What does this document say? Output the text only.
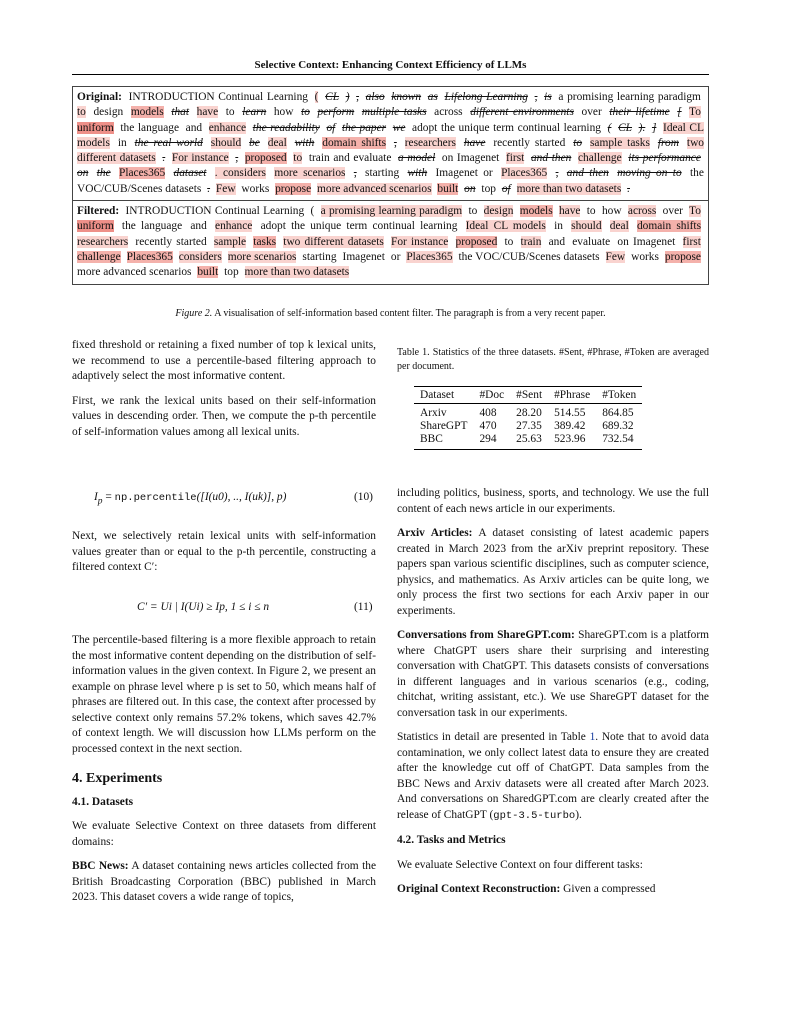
Selective Context: Enhancing Context Efficiency of LLMs
Original: INTRODUCTION Continual Learning ( CL ) , also known as Lifelong Learning , is a promising learning paradigm to design models that have to learn how to perform multiple tasks across different environments over their lifetime [ To uniform the language and enhance the readability of the paper we adopt the unique term continual learning ( CL ). ] Ideal CL models in the real world should be deal with domain shifts , researchers have recently started to sample tasks from two different datasets . For instance , proposed to train and evaluate a model on Imagenet first and then challenge its performance on the Places365 dataset . considers more scenarios , starting with Imagenet or Places365 , and then moving on to the VOC/CUB/Scenes datasets . Few works propose more advanced scenarios built on top of more than two datasets .
Filtered: INTRODUCTION Continual Learning ( a promising learning paradigm to design models have to how across over To uniform the language and enhance adopt the unique term continual learning Ideal CL models in should deal domain shifts researchers recently started sample tasks two different datasets For instance proposed to train and evaluate on Imagenet first challenge Places365 considers more scenarios starting Imagenet or Places365 the VOC/CUB/Scenes datasets Few works propose more advanced scenarios built top more than two datasets
Figure 2. A visualisation of self-information based content filter. The paragraph is from a very recent paper.

fixed threshold or retaining a fixed number of top k lexical units, we recommend to use a percentile-based filtering approach to adaptively select the most informative content.

First, we rank the lexical units based on their self-information values in descending order. Then, we compute the p-th percentile of self-information values among all lexical units.

$I_p$ = np.percentile([I(u0), .., I(uk)], p)	(10)

Next, we selectively retain lexical units with self-information values greater than or equal to the p-th percentile, constructing a filtered context C′:

C′ = Ui | I(Ui) ≥ Ip, 1 ≤ i ≤ n	(11)

The percentile-based filtering is a more flexible approach to retain the most informative content depending on the distribution of self-information values in the given context. In Figure 2, we present an example on phrase level where p is set to 50, which means half of phrases are filtered out. In this case, the context after processed by selective context only remains 57.2% tokens, which saves 42.7% of context length. We will discussion how LLMs perform on the processed context in the next section.

4. Experiments
4.1. Datasets

We evaluate Selective Context on three datasets from different domains:

BBC News: A dataset containing news articles collected from the British Broadcasting Corporation (BBC) published in March 2023. This dataset covers a wide range of topics,

Table 1. Statistics of the three datasets. #Sent, #Phrase, #Token are averaged per document.
Dataset	#Doc	#Sent	#Phrase	#Token
Arxiv	408	28.20	514.55	864.85
ShareGPT	470	27.35	389.42	689.32
BBC	294	25.63	523.96	732.54

including politics, business, sports, and technology. We use the full content of each news article in our experiments.

Arxiv Articles: A dataset consisting of latest academic papers created in March 2023 from the arXiv preprint repository. These papers span various scientific disciplines, such as computer science, physics, and mathematics. As Arxiv articles can be quite long, we only process the first two sections for each Arxiv paper in our experiments.

Conversations from ShareGPT.com: ShareGPT.com is a platform where ChatGPT users share their surprising and interesting conversation with ChatGPT. This datasets consists of conversations in different languages and in various scenarios (e.g., coding, chitchat, writing assistant, etc.). We use ShareGPT dataset for the conversation task in our experiments.

Statistics in detail are presented in Table 1. Note that to avoid data contamination, we only collect latest data to ensure they are created after the knowledge cut off of ChatGPT. Data samples from the BBC News and Arxiv datasets were all created after March 2023. And conversations on SharedGPT.com are clearly created after the release of ChatGPT (gpt-3.5-turbo).

4.2. Tasks and Metrics

We evaluate Selective Context on four different tasks:

Original Context Reconstruction: Given a compressed
